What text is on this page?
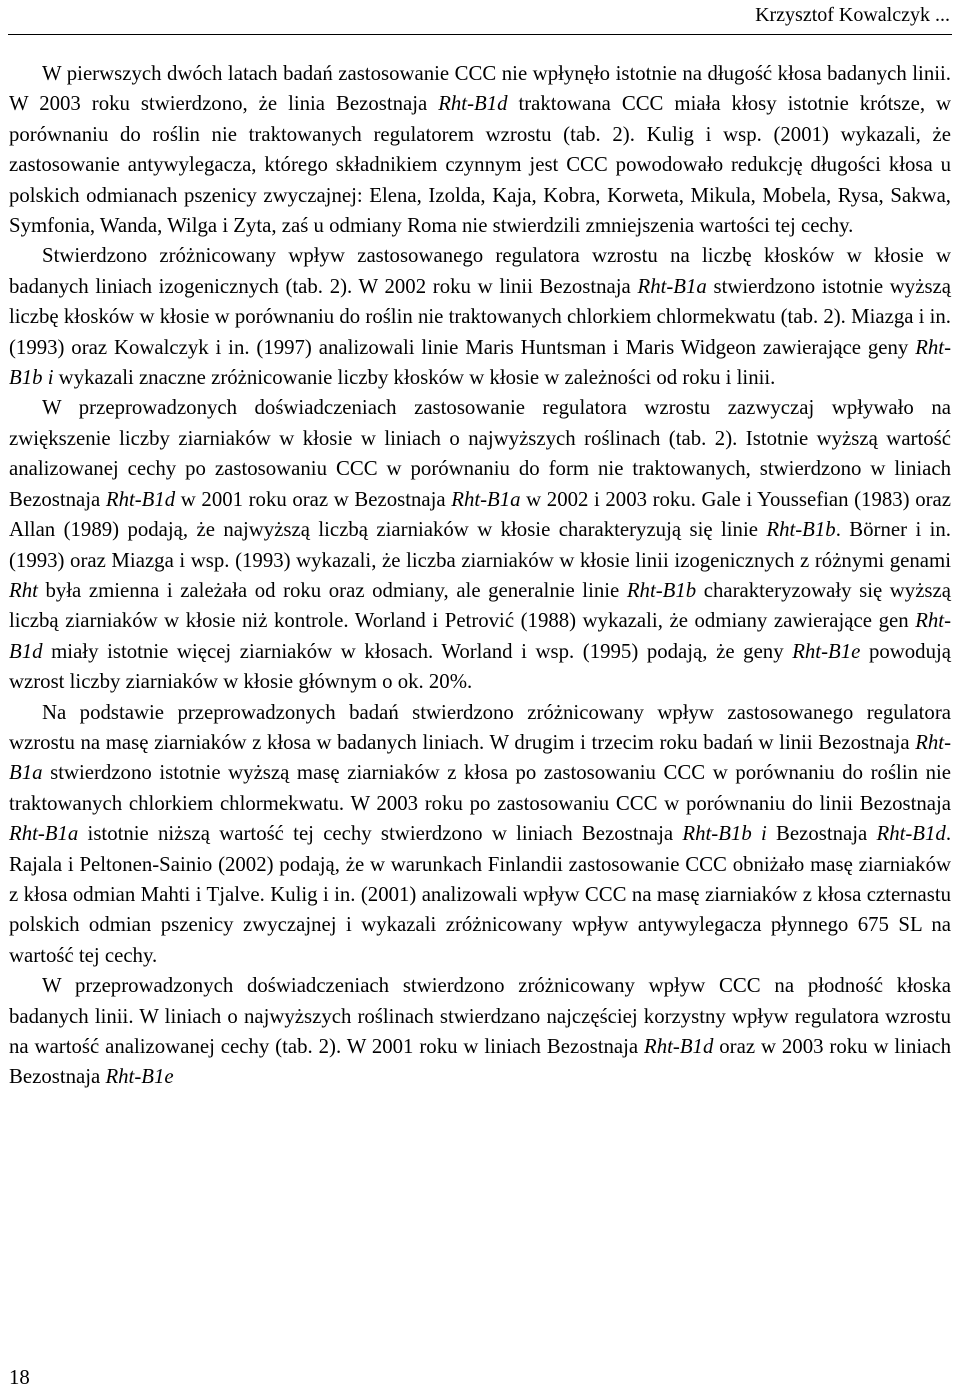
Krzysztof Kowalczyk ...

W pierwszych dwóch latach badań zastosowanie CCC nie wpłynęło istotnie na długość kłosa badanych linii. W 2003 roku stwierdzono, że linia Bezostnaja Rht-B1d traktowana CCC miała kłosy istotnie krótsze, w porównaniu do roślin nie traktowanych regulatorem wzrostu (tab. 2). Kulig i wsp. (2001) wykazali, że zastosowanie antywylegacza, którego składnikiem czynnym jest CCC powodowało redukcję długości kłosa u polskich odmianach pszenicy zwyczajnej: Elena, Izolda, Kaja, Kobra, Korweta, Mikula, Mobela, Rysa, Sakwa, Symfonia, Wanda, Wilga i Zyta, zaś u odmiany Roma nie stwierdzili zmniejszenia wartości tej cechy.

Stwierdzono zróżnicowany wpływ zastosowanego regulatora wzrostu na liczbę kłosków w kłosie w badanych liniach izogenicznych (tab. 2). W 2002 roku w linii Bezostnaja Rht-B1a stwierdzono istotnie wyższą liczbę kłosków w kłosie w porównaniu do roślin nie traktowanych chlorkiem chlormekwatu (tab. 2). Miazga i in. (1993) oraz Kowalczyk i in. (1997) analizowali linie Maris Huntsman i Maris Widgeon zawierające geny Rht-B1b i wykazali znaczne zróżnicowanie liczby kłosków w kłosie w zależności od roku i linii.

W przeprowadzonych doświadczeniach zastosowanie regulatora wzrostu zazwyczaj wpływało na zwiększenie liczby ziarniaków w kłosie w liniach o najwyższych roślinach (tab. 2). Istotnie wyższą wartość analizowanej cechy po zastosowaniu CCC w porównaniu do form nie traktowanych, stwierdzono w liniach Bezostnaja Rht-B1d w 2001 roku oraz w Bezostnaja Rht-B1a w 2002 i 2003 roku. Gale i Youssefian (1983) oraz Allan (1989) podają, że najwyższą liczbą ziarniaków w kłosie charakteryzują się linie Rht-B1b. Börner i in. (1993) oraz Miazga i wsp. (1993) wykazali, że liczba ziarniaków w kłosie linii izogenicznych z różnymi genami Rht była zmienna i zależała od roku oraz odmiany, ale generalnie linie Rht-B1b charakteryzowały się wyższą liczbą ziarniaków w kłosie niż kontrole. Worland i Petrović (1988) wykazali, że odmiany zawierające gen Rht-B1d miały istotnie więcej ziarniaków w kłosach. Worland i wsp. (1995) podają, że geny Rht-B1e powodują wzrost liczby ziarniaków w kłosie głównym o ok. 20%.

Na podstawie przeprowadzonych badań stwierdzono zróżnicowany wpływ zastosowanego regulatora wzrostu na masę ziarniaków z kłosa w badanych liniach. W drugim i trzecim roku badań w linii Bezostnaja Rht-B1a stwierdzono istotnie wyższą masę ziarniaków z kłosa po zastosowaniu CCC w porównaniu do roślin nie traktowanych chlorkiem chlormekwatu. W 2003 roku po zastosowaniu CCC w porównaniu do linii Bezostnaja Rht-B1a istotnie niższą wartość tej cechy stwierdzono w liniach Bezostnaja Rht-B1b i Bezostnaja Rht-B1d. Rajala i Peltonen-Sainio (2002) podają, że w warunkach Finlandii zastosowanie CCC obniżało masę ziarniaków z kłosa odmian Mahti i Tjalve. Kulig i in. (2001) analizowali wpływ CCC na masę ziarniaków z kłosa czternastu polskich odmian pszenicy zwyczajnej i wykazali zróżnicowany wpływ antywylegacza płynnego 675 SL na wartość tej cechy.

W przeprowadzonych doświadczeniach stwierdzono zróżnicowany wpływ CCC na płodność kłoska badanych linii. W liniach o najwyższych roślinach stwierdzano najczęściej korzystny wpływ regulatora wzrostu na wartość analizowanej cechy (tab. 2). W 2001 roku w liniach Bezostnaja Rht-B1d oraz w 2003 roku w liniach Bezostnaja Rht-B1e

18
